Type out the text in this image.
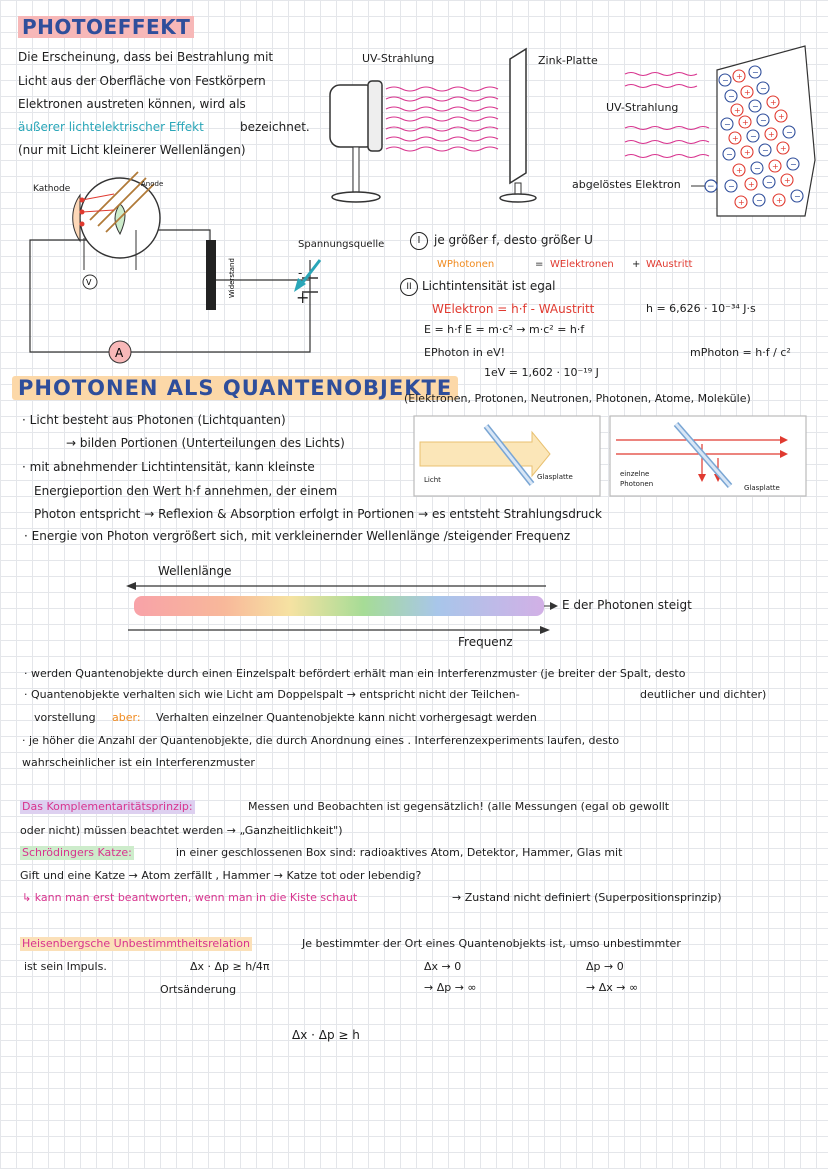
PHOTOEFFEKT
Die Erscheinung, dass bei Bestrahlung mit
Licht aus der Oberfläche von Festkörpern
Elektronen austreten können, wird als
äußerer lichtelektrischer Effekt	bezeichnet.
(nur mit Licht kleinerer Wellenlängen)
UV-Strahlung	Zink-Platte
− + −
− + −
+ − +
− + − +
+ − + −
− + − +
+ − + −
− + − +
+ − + −
−
UV-Strahlung
abgelöstes Elektron
V	Widerstand
A
Kathode	Anode
Spannungsquelle
-
+
I	je größer f, desto größer U
WPhotonen	= WElektronen + WAustritt
II Lichtintensität ist egal
WElektron = h·f - WAustritt	h = 6,626 · 10⁻³⁴ J·s
E = h·f E = m·c² → m·c² = h·f
EPhoton in eV!
1eV = 1,602 · 10⁻¹⁹ J
mPhoton = h·f / c²
PHOTONEN ALS QUANTENOBJEKTE
(Elektronen, Protonen, Neutronen, Photonen, Atome, Moleküle)
· Licht besteht aus Photonen (Lichtquanten)
→ bilden Portionen (Unterteilungen des Lichts)
· mit abnehmender Lichtintensität, kann kleinste
Energieportion den Wert h·f annehmen, der einem
Photon entspricht → Reflexion & Absorption erfolgt in Portionen → es entsteht Strahlungsdruck
· Energie von Photon vergrößert sich, mit verkleinernder Wellenlänge /steigender Frequenz
Licht	Glasplatte	einzelne
Photonen	Glasplatte
Wellenlänge
E der Photonen steigt
Frequenz
· werden Quantenobjekte durch einen Einzelspalt befördert erhält man ein Interferenzmuster (je breiter der Spalt, desto
deutlicher und dichter)
· Quantenobjekte verhalten sich wie Licht am Doppelspalt → entspricht nicht der Teilchen-
vorstellung aber: Verhalten einzelner Quantenobjekte kann nicht vorhergesagt werden
· je höher die Anzahl der Quantenobjekte, die durch Anordnung eines . Interferenzexperiments laufen, desto
wahrscheinlicher ist ein Interferenzmuster
Das Komplementaritätsprinzip:	Messen und Beobachten ist gegensätzlich! (alle Messungen (egal ob gewollt
oder nicht) müssen beachtet werden → „Ganzheitlichkeit")
Schrödingers Katze:	in einer geschlossenen Box sind: radioaktives Atom, Detektor, Hammer, Glas mit
Gift und eine Katze → Atom zerfällt , Hammer → Katze tot oder lebendig?
↳ kann man erst beantworten, wenn man in die Kiste schaut	→ Zustand nicht definiert (Superpositionsprinzip)
Heisenbergsche Unbestimmtheitsrelation	Je bestimmter der Ort eines Quantenobjekts ist, umso unbestimmter
ist sein Impuls.	Δx · Δp ≥ h/4π
Ortsänderung
Δx → 0
→ Δp → ∞
Δp → 0
→ Δx → ∞
Δx · Δp ≥ h
